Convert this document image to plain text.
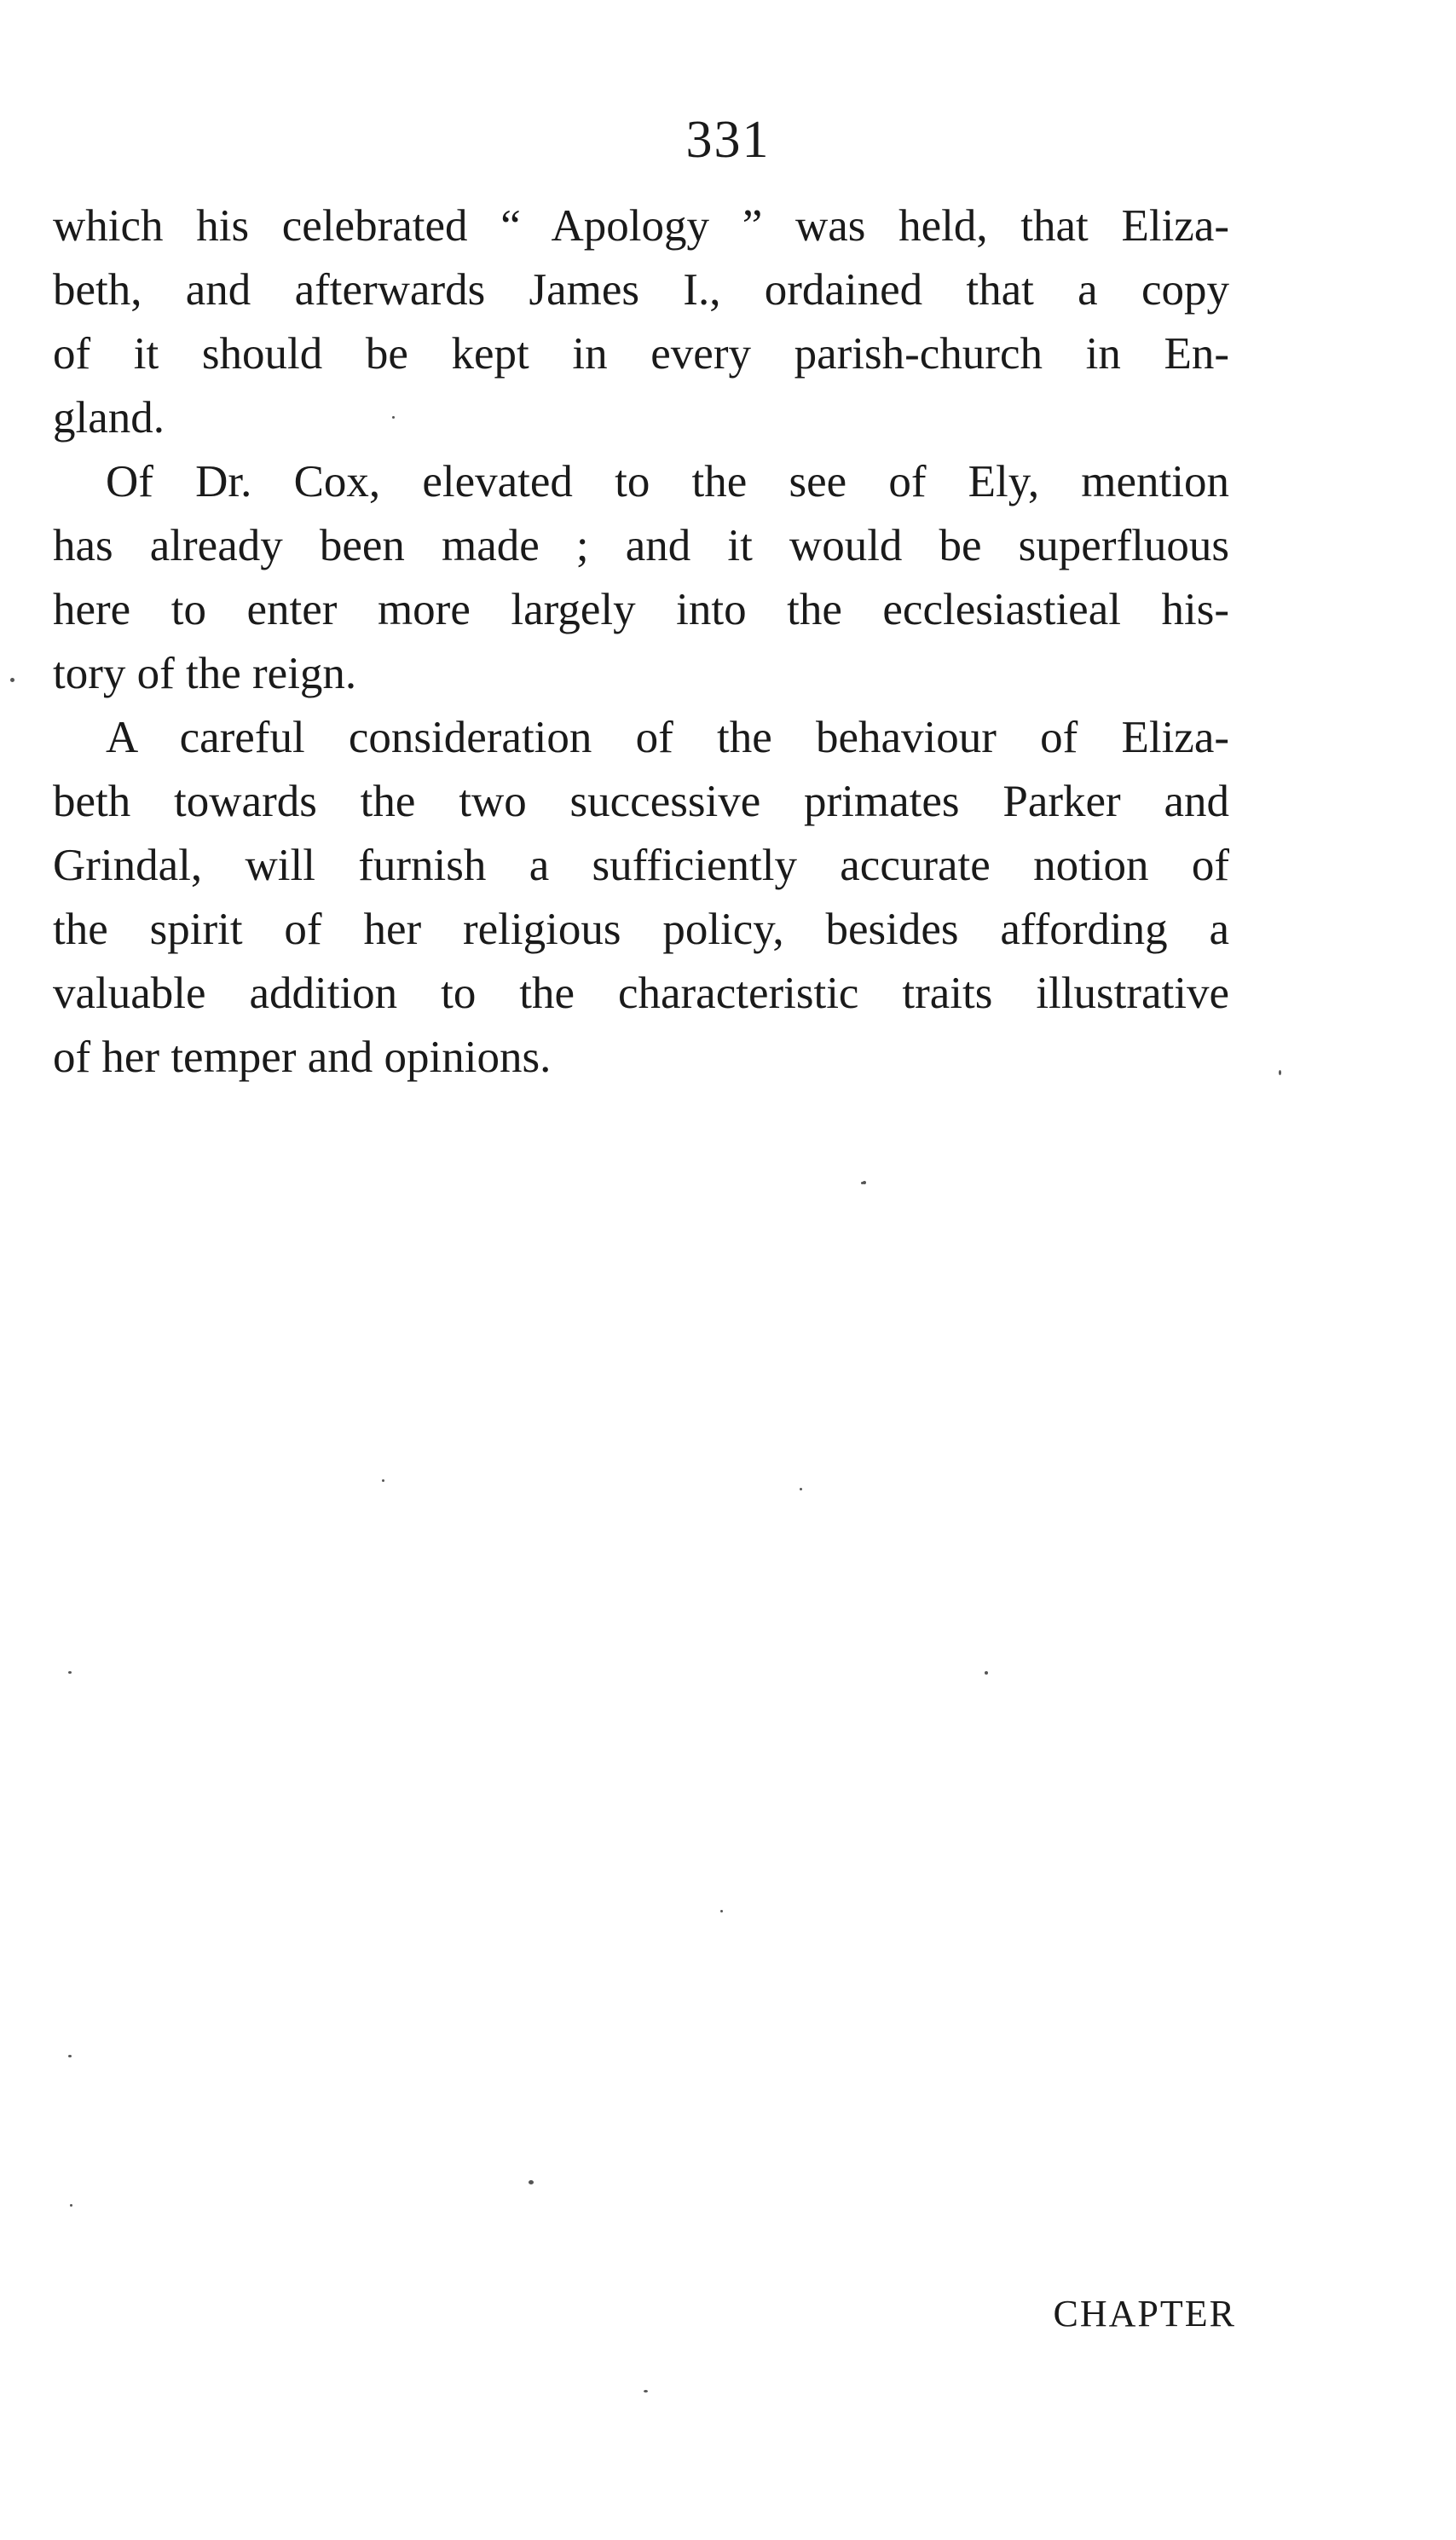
331
which his celebrated “ Apology ” was held, that Eliza-
beth, and afterwards James I., ordained that a copy
of it should be kept in every parish-church in En-
gland.
Of Dr. Cox, elevated to the see of Ely, mention
has already been made ; and it would be superfluous
here to enter more largely into the ecclesiastieal his-
tory of the reign.
A careful consideration of the behaviour of Eliza-
beth towards the two successive primates Parker and
Grindal, will furnish a sufficiently accurate notion of
the spirit of her religious policy, besides affording a
valuable addition to the characteristic traits illustrative
of her temper and opinions.
CHAPTER
